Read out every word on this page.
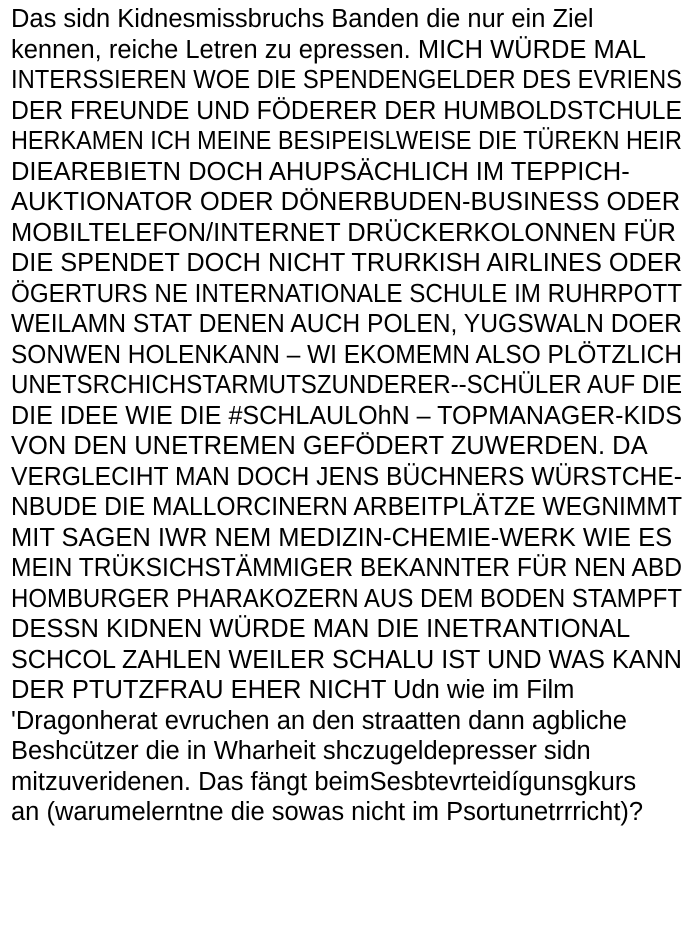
Das sidn Kidnesmissbruchs Banden die nur ein Ziel
kennen, reiche Letren zu epressen. MICH WÜRDE MAL
INTERSSIEREN WOE DIE SPENDENGELDER DES EVRIENS
DER FREUNDE UND FÖDERER DER HUMBOLDSTCHULE
HERKAMEN ICH MEINE BESIPEISLWEISE DIE TÜREKN HEIR
DIEAREBIETN DOCH AHUPSÄCHLICH IM TEPPICH-
AUKTIONATOR ODER DÖNERBUDEN-BUSINESS ODER
MOBILTELEFON/INTERNET DRÜCKERKOLONNEN FÜR
DIE SPENDET DOCH NICHT TRURKISH AIRLINES ODER
ÖGERTURS NE INTERNATIONALE SCHULE IM RUHRPOTT
WEILAMN STAT DENEN AUCH POLEN, YUGSWALN DOER
SONWEN HOLENKANN – WI EKOMEMN ALSO PLÖTZLICH
UNETSRCHICHSTARMUTSZUNDERER--SCHÜLER AUF DIE
DIE IDEE WIE DIE #SCHLAULOhN – TOPMANAGER-KIDS
VON DEN UNETREMEN GEFÖDERT ZUWERDEN. DA
VERGLECIHT MAN DOCH JENS BÜCHNERS WÜRSTCHE-
NBUDE DIE MALLORCINERN ARBEITPLÄTZE WEGNIMMT
MIT SAGEN IWR NEM MEDIZIN-CHEMIE-WERK WIE ES
MEIN TRÜKSICHSTÄMMIGER BEKANNTER FÜR NEN ABD
HOMBURGER PHARAKOZERN AUS DEM BODEN STAMPFT
DESSN KIDNEN WÜRDE MAN DIE INETRANTIONAL
SCHCOL ZAHLEN WEILER SCHALU IST UND WAS KANN
DER PTUTZFRAU EHER NICHT Udn wie im Film
'Dragonherat evruchen an den straatten dann agbliche
Beshcützer die in Wharheit shczugeldepresser sidn
mitzuveridenen. Das fängt beimSesbtevrteidígunsgkurs
an (warumelerntne die sowas nicht im Psortunetrrricht)?
